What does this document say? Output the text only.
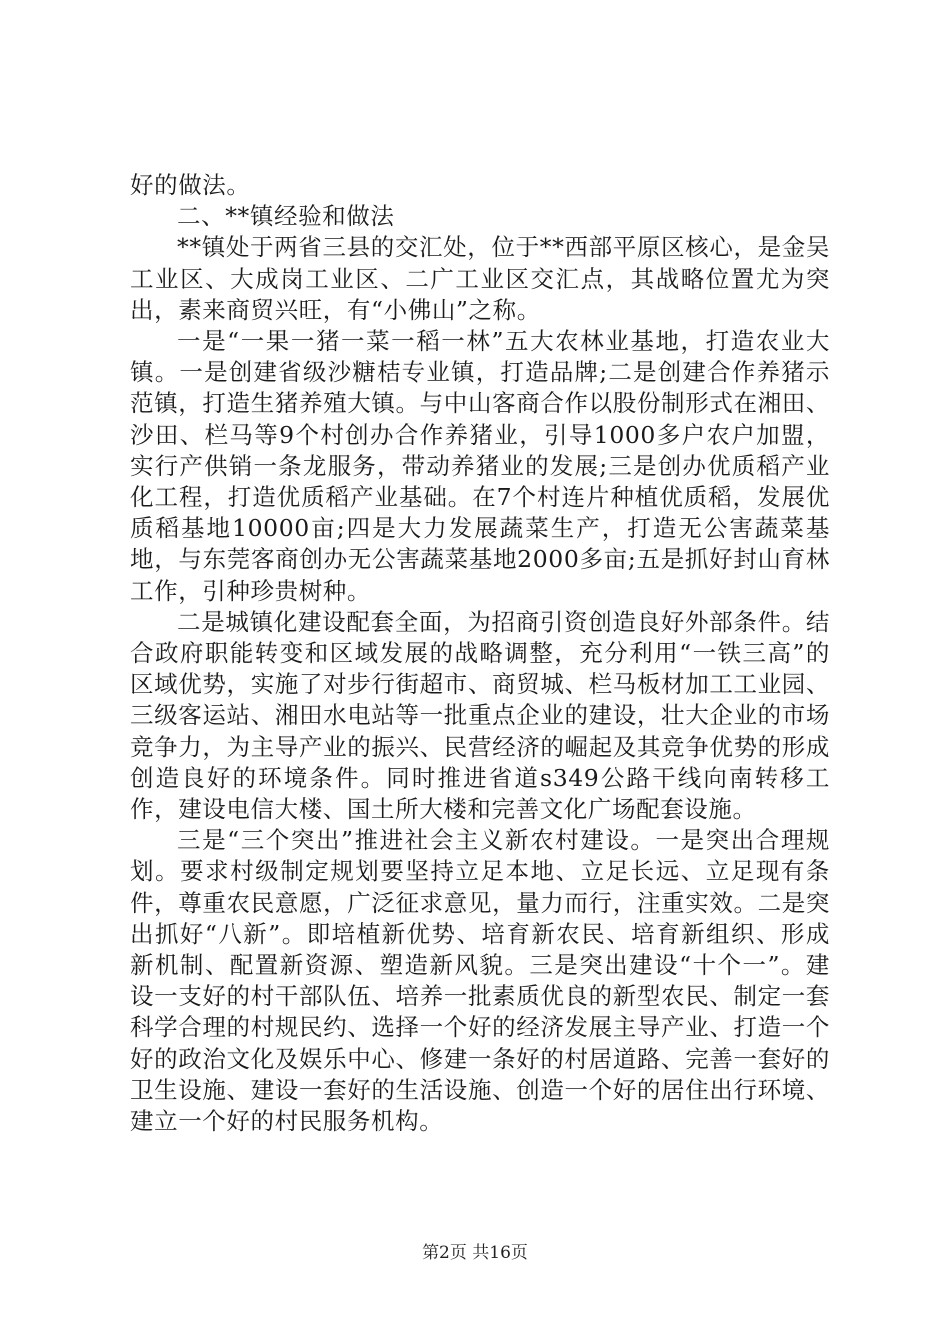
好的做法。

二、**镇经验和做法

**镇处于两省三县的交汇处，位于**西部平原区核心，是金吴工业区、大成岗工业区、二广工业区交汇点，其战略位置尤为突出，素来商贸兴旺，有“小佛山”之称。

一是“一果一猪一菜一稻一林”五大农林业基地，打造农业大镇。一是创建省级沙糖桔专业镇，打造品牌;二是创建合作养猪示范镇，打造生猪养殖大镇。与中山客商合作以股份制形式在湘田、沙田、栏马等9个村创办合作养猪业，引导1000多户农户加盟，实行产供销一条龙服务，带动养猪业的发展;三是创办优质稻产业化工程，打造优质稻产业基础。在7个村连片种植优质稻，发展优质稻基地10000亩;四是大力发展蔬菜生产，打造无公害蔬菜基地，与东莞客商创办无公害蔬菜基地2000多亩;五是抓好封山育林工作，引种珍贵树种。

二是城镇化建设配套全面，为招商引资创造良好外部条件。结合政府职能转变和区域发展的战略调整，充分利用“一铁三高”的区域优势，实施了对步行街超市、商贸城、栏马板材加工工业园、三级客运站、湘田水电站等一批重点企业的建设，壮大企业的市场竞争力，为主导产业的振兴、民营经济的崛起及其竞争优势的形成创造良好的环境条件。同时推进省道s349公路干线向南转移工作，建设电信大楼、国土所大楼和完善文化广场配套设施。

三是“三个突出”推进社会主义新农村建设。一是突出合理规划。要求村级制定规划要坚持立足本地、立足长远、立足现有条件，尊重农民意愿，广泛征求意见，量力而行，注重实效。二是突出抓好“八新”。即培植新优势、培育新农民、培育新组织、形成新机制、配置新资源、塑造新风貌。三是突出建设“十个一”。建设一支好的村干部队伍、培养一批素质优良的新型农民、制定一套科学合理的村规民约、选择一个好的经济发展主导产业、打造一个好的政治文化及娱乐中心、修建一条好的村居道路、完善一套好的卫生设施、建设一套好的生活设施、创造一个好的居住出行环境、建立一个好的村民服务机构。

第2页 共16页
